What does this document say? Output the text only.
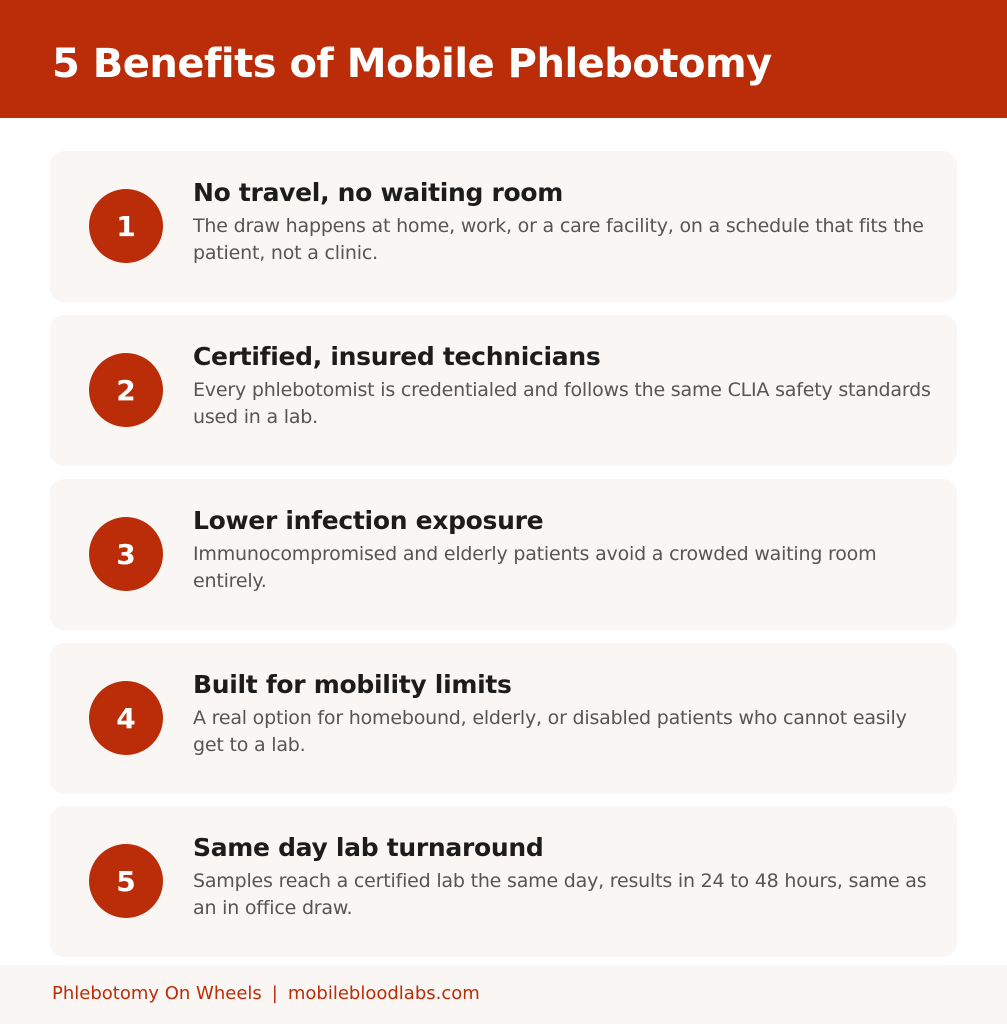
5 Benefits of Mobile Phlebotomy
1
No travel, no waiting room

The draw happens at home, work, or a care facility, on a schedule that fits the patient, not a clinic.

2
Certified, insured technicians

Every phlebotomist is credentialed and follows the same CLIA safety standards used in a lab.

3
Lower infection exposure

Immunocompromised and elderly patients avoid a crowded waiting room entirely.

4
Built for mobility limits

A real option for homebound, elderly, or disabled patients who cannot easily get to a lab.

5
Same day lab turnaround

Samples reach a certified lab the same day, results in 24 to 48 hours, same as an in office draw.

Phlebotomy On Wheels | mobilebloodlabs.com
